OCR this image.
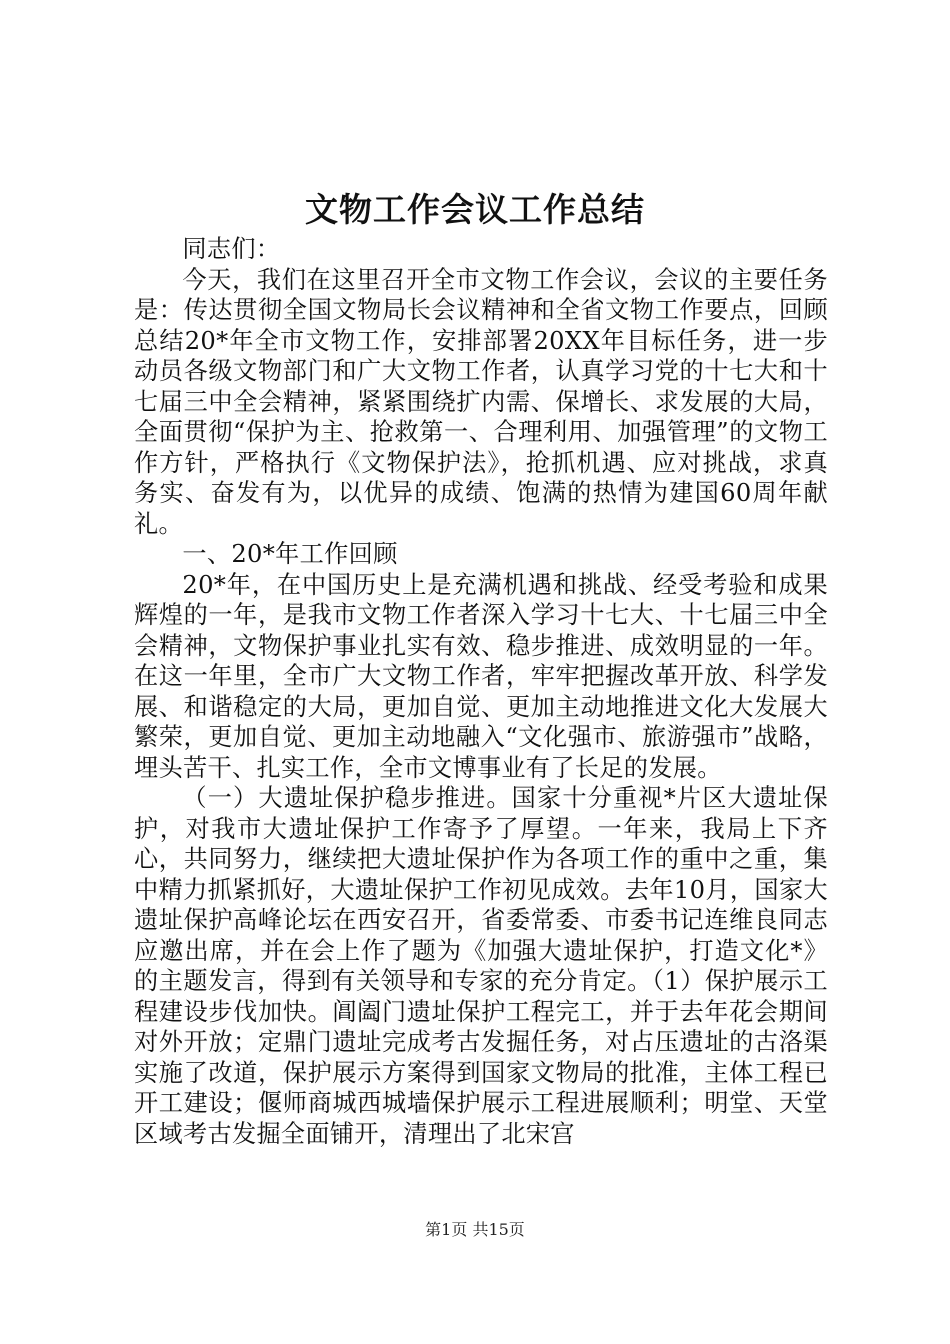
文物工作会议工作总结

同志们：

今天，我们在这里召开全市文物工作会议，会议的主要任务是：传达贯彻全国文物局长会议精神和全省文物工作要点，回顾总结20*年全市文物工作，安排部署20XX年目标任务，进一步动员各级文物部门和广大文物工作者，认真学习党的十七大和十七届三中全会精神，紧紧围绕扩内需、保增长、求发展的大局，全面贯彻“保护为主、抢救第一、合理利用、加强管理”的文物工作方针，严格执行《文物保护法》，抢抓机遇、应对挑战，求真务实、奋发有为，以优异的成绩、饱满的热情为建国60周年献礼。

一、20*年工作回顾

20*年，在中国历史上是充满机遇和挑战、经受考验和成果辉煌的一年，是我市文物工作者深入学习十七大、十七届三中全会精神，文物保护事业扎实有效、稳步推进、成效明显的一年。在这一年里，全市广大文物工作者，牢牢把握改革开放、科学发展、和谐稳定的大局，更加自觉、更加主动地推进文化大发展大繁荣，更加自觉、更加主动地融入“文化强市、旅游强市”战略，埋头苦干、扎实工作，全市文博事业有了长足的发展。

（一）大遗址保护稳步推进。国家十分重视*片区大遗址保护，对我市大遗址保护工作寄予了厚望。一年来，我局上下齐心，共同努力，继续把大遗址保护作为各项工作的重中之重，集中精力抓紧抓好，大遗址保护工作初见成效。去年10月，国家大遗址保护高峰论坛在西安召开，省委常委、市委书记连维良同志应邀出席，并在会上作了题为《加强大遗址保护，打造文化*》的主题发言，得到有关领导和专家的充分肯定。（1）保护展示工程建设步伐加快。阊阖门遗址保护工程完工，并于去年花会期间对外开放；定鼎门遗址完成考古发掘任务，对占压遗址的古洛渠实施了改道，保护展示方案得到国家文物局的批准，主体工程已开工建设；偃师商城西城墙保护展示工程进展顺利；明堂、天堂区域考古发掘全面铺开，清理出了北宋宫

第1页 共15页
